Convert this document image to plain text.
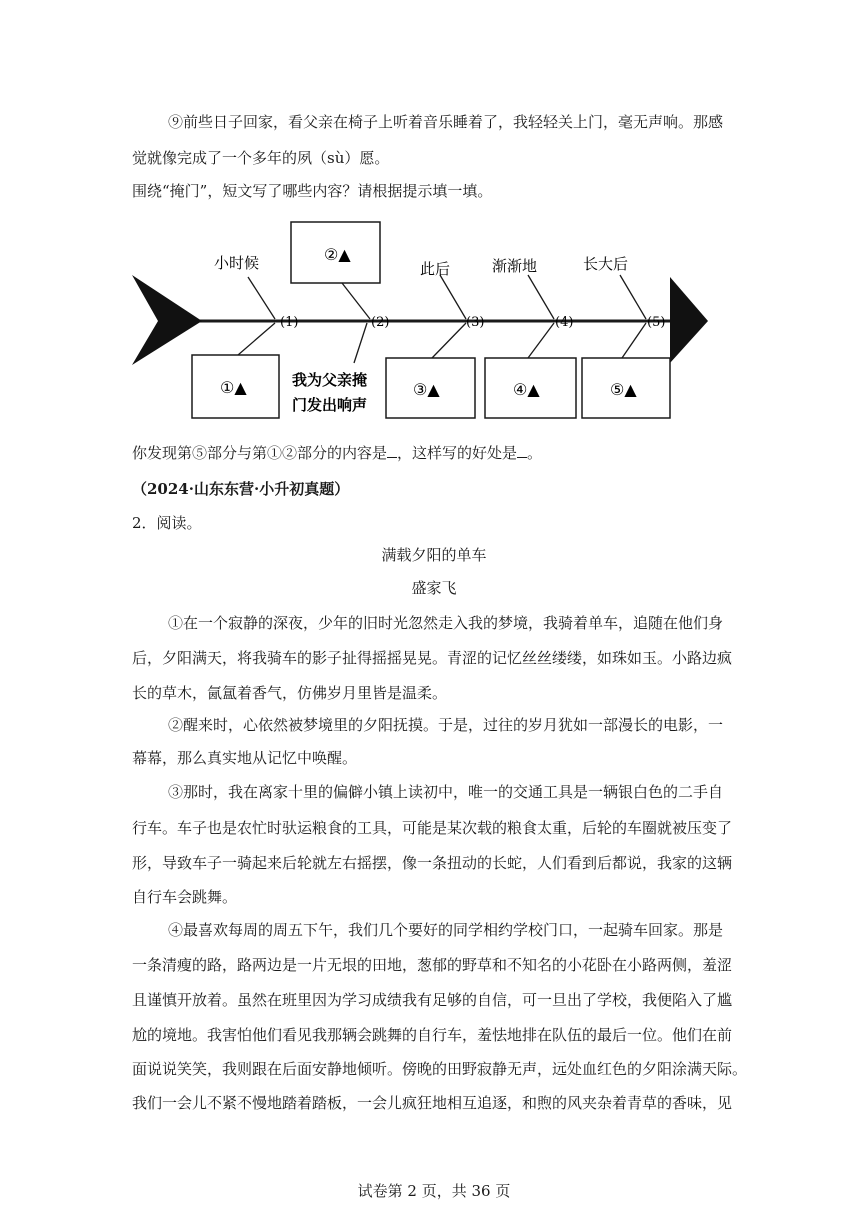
⑨前些日子回家，看父亲在椅子上听着音乐睡着了，我轻轻关上门，毫无声响。那感
觉就像完成了一个多年的夙（sù）愿。
围绕“掩门”，短文写了哪些内容？请根据提示填一填。
(1)	(2)	(3)	(4)	(5)
小时候	此后	渐渐地	长大后
②▲
①▲	③▲	④▲	⑤▲
我为父亲掩
门发出响声
你发现第⑤部分与第①②部分的内容是 ，这样写的好处是 。
（2024·山东东营·小升初真题）
2．阅读。
满载夕阳的单车
盛家飞
①在一个寂静的深夜，少年的旧时光忽然走入我的梦境，我骑着单车，追随在他们身
后，夕阳满天，将我骑车的影子扯得摇摇晃晃。青涩的记忆丝丝缕缕，如珠如玉。小路边疯
长的草木，氤氲着香气，仿佛岁月里皆是温柔。
②醒来时，心依然被梦境里的夕阳抚摸。于是，过往的岁月犹如一部漫长的电影，一
幕幕，那么真实地从记忆中唤醒。
③那时，我在离家十里的偏僻小镇上读初中，唯一的交通工具是一辆银白色的二手自
行车。车子也是农忙时驮运粮食的工具，可能是某次载的粮食太重，后轮的车圈就被压变了
形，导致车子一骑起来后轮就左右摇摆，像一条扭动的长蛇，人们看到后都说，我家的这辆
自行车会跳舞。
④最喜欢每周的周五下午，我们几个要好的同学相约学校门口，一起骑车回家。那是
一条清瘦的路，路两边是一片无垠的田地，葱郁的野草和不知名的小花卧在小路两侧，羞涩
且谨慎开放着。虽然在班里因为学习成绩我有足够的自信，可一旦出了学校，我便陷入了尴
尬的境地。我害怕他们看见我那辆会跳舞的自行车，羞怯地排在队伍的最后一位。他们在前
面说说笑笑，我则跟在后面安静地倾听。傍晚的田野寂静无声，远处血红色的夕阳涂满天际。
我们一会儿不紧不慢地踏着踏板，一会儿疯狂地相互追逐，和煦的风夹杂着青草的香味，见
试卷第 2 页，共 36 页
